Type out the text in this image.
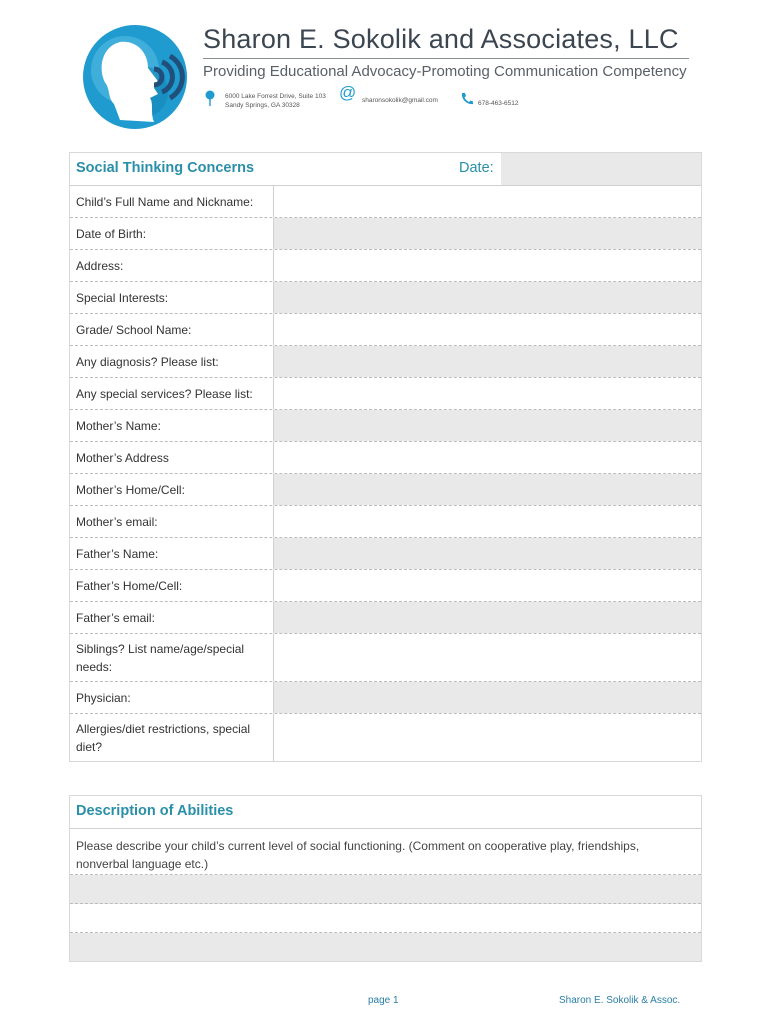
Sharon E. Sokolik and Associates, LLC
Providing Educational Advocacy-Promoting Communication Competency
6000 Lake Forrest Drive, Suite 103
Sandy Springs, GA 30328
@ sharonsokolik@gmail.com	678-463-6512
Social Thinking Concerns	Date:
Child’s Full Name and Nickname:
Date of Birth:
Address:
Special Interests:
Grade/ School Name:
Any diagnosis? Please list:
Any special services? Please list:
Mother’s Name:
Mother’s Address
Mother’s Home/Cell:
Mother’s email:
Father’s Name:
Father’s Home/Cell:
Father’s email:
Siblings? List name/age/special needs:
Physician:
Allergies/diet restrictions, special diet?
Description of Abilities
Please describe your child’s current level of social functioning. (Comment on cooperative play, friendships, nonverbal language etc.)
page 1	Sharon E. Sokolik & Assoc.
